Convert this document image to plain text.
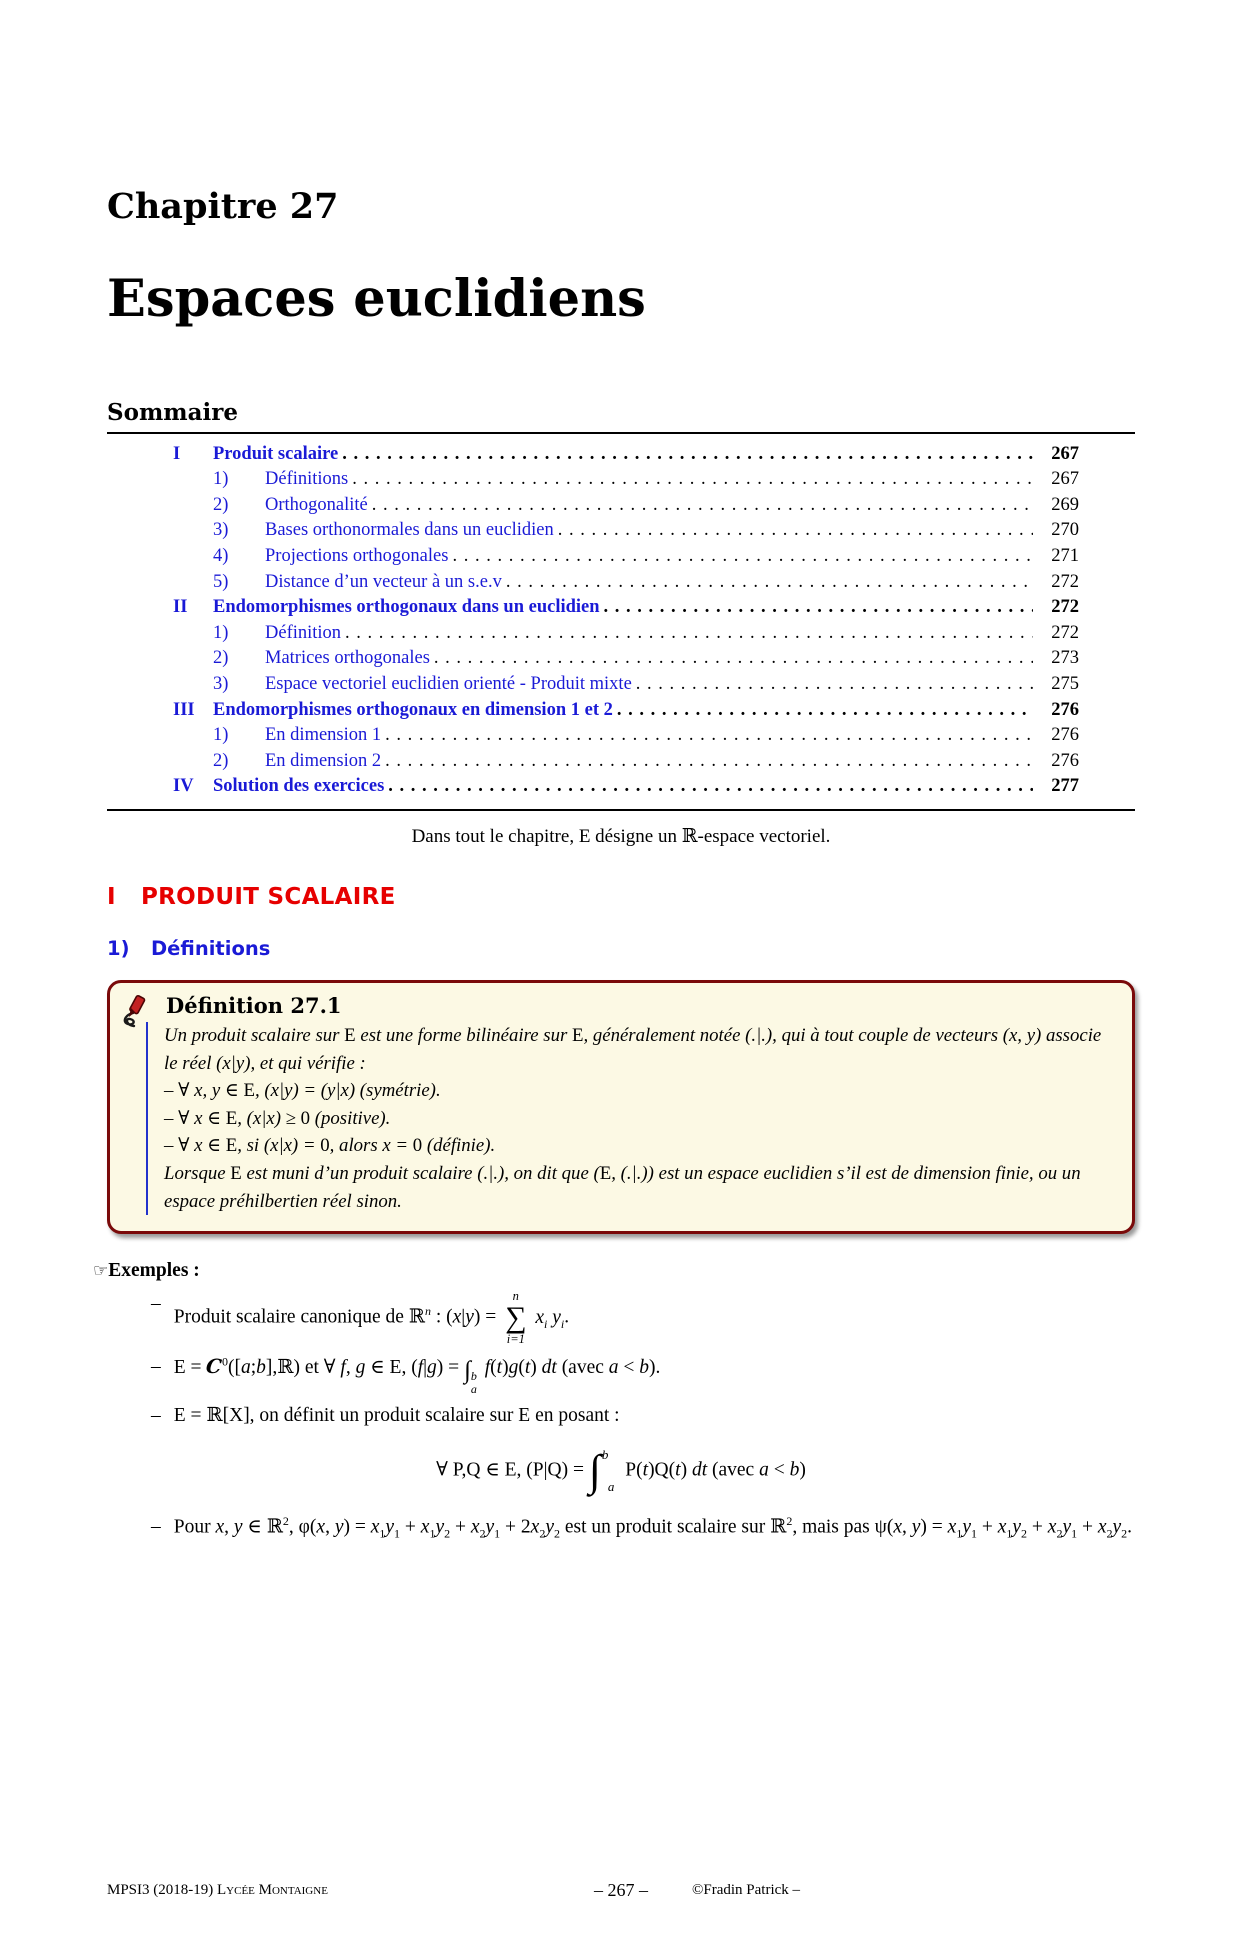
Chapitre 27
Espaces euclidiens
Sommaire
I	Produit scalaire . . .	267
1)	Définitions . . .	267
2)	Orthogonalité . . .	269
3)	Bases orthonormales dans un euclidien . . .	270
4)	Projections orthogonales . . .	271
5)	Distance d’un vecteur à un s.e.v . . .	272
II	Endomorphismes orthogonaux dans un euclidien . . .	272
1)	Définition . . .	272
2)	Matrices orthogonales . . .	273
3)	Espace vectoriel euclidien orienté - Produit mixte . . .	275
III Endomorphismes orthogonaux en dimension 1 et 2 . . .	276
1)	En dimension 1 . . .	276
2)	En dimension 2 . . .	276
IV	Solution des exercices . . .	277
Dans tout le chapitre, E désigne un ℝ-espace vectoriel.
I PRODUIT SCALAIRE
1) Définitions
Définition 27.1

Un produit scalaire sur E est une forme bilinéaire sur E, généralement notée (.|.), qui à tout couple de vecteurs (x, y) associe le réel (x|y), et qui vérifie :

– ∀ x, y ∈ E, (x|y) = (y|x) (symétrie).

– ∀ x ∈ E, (x|x) ≥ 0 (positive).

– ∀ x ∈ E, si (x|x) = 0, alors x = 0 (définie).

Lorsque E est muni d’un produit scalaire (.|.), on dit que (E, (.|.)) est un espace euclidien s’il est de dimension finie, ou un espace préhilbertien réel sinon.

☞Exemples :
–
Produit scalaire canonique de ℝ$^n$ : (x|y) =
n
∑
i=1
$x_i$ $y_i$.
– $E = C^0([a;b],ℝ)$ et ∀ f, g ∈ E, (f|g) = ∫ b
a
f(t)g(t) dt (avec a < b).
– E = ℝ[X], on définit un produit scalaire sur E en posant :
∀ P,Q ∈ E, (P|Q) = ∫ b
a
P(t)Q(t) dt (avec a < b)
– Pour x, y ∈ ℝ$^2$, φ(x, $y) = x_1y_1 + x_1y_2 + x_2y_1 + 2x_2y_2$ est un produit scalaire sur ℝ$^2$, mais pas ψ(x, $y) = x_1y_1 + x_1y_2 + x_2y_1 + x_2y_2$.
MPSI3 (2018-19) Lycée Montaigne	– 267 –	©Fradin Patrick –
